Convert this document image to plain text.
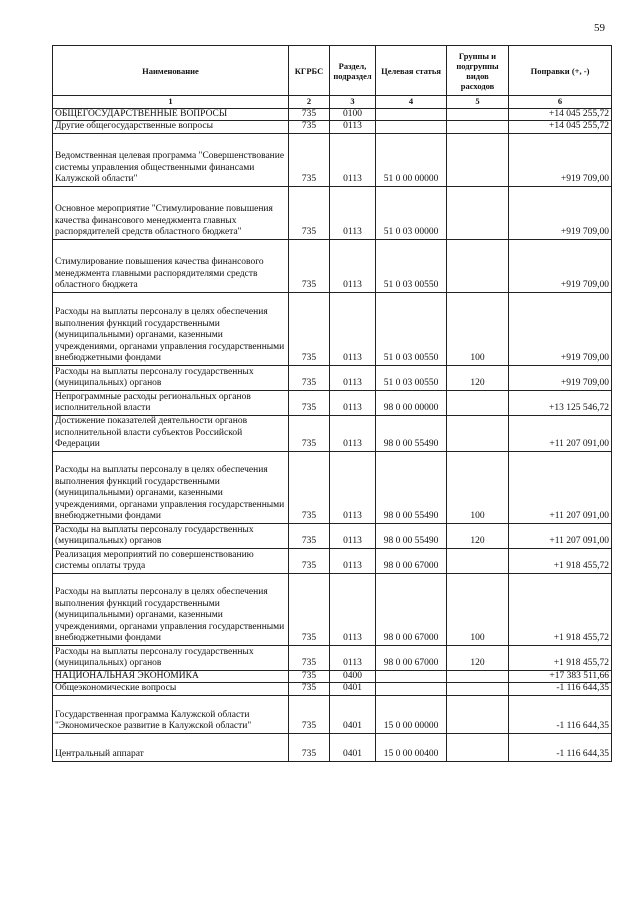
59
Наименование	КГРБС	Раздел, подраздел	Целевая статья	Группы и подгруппы видов расходов	Поправки (+, -)
1	2	3	4	5	6
ОБЩЕГОСУДАРСТВЕННЫЕ ВОПРОСЫ	735	0100			+14 045 255,72
Другие общегосударственные вопросы	735	0113			+14 045 255,72
Ведомственная целевая программа "Совершенствование системы управления общественными финансами Калужской области"	735	0113	51 0 00 00000		+919 709,00
Основное мероприятие "Стимулирование повышения качества финансового менеджмента главных распорядителей средств областного бюджета"	735	0113	51 0 03 00000		+919 709,00
Стимулирование повышения качества финансового менеджмента главными распорядителями средств областного бюджета	735	0113	51 0 03 00550		+919 709,00
Расходы на выплаты персоналу в целях обеспечения выполнения функций государственными (муниципальными) органами, казенными учреждениями, органами управления государственными внебюджетными фондами	735	0113	51 0 03 00550	100	+919 709,00
Расходы на выплаты персоналу государственных (муниципальных) органов	735	0113	51 0 03 00550	120	+919 709,00
Непрограммные расходы региональных органов исполнительной власти	735	0113	98 0 00 00000		+13 125 546,72
Достижение показателей деятельности органов исполнительной власти субъектов Российской Федерации	735	0113	98 0 00 55490		+11 207 091,00
Расходы на выплаты персоналу в целях обеспечения выполнения функций государственными (муниципальными) органами, казенными учреждениями, органами управления государственными внебюджетными фондами	735	0113	98 0 00 55490	100	+11 207 091,00
Расходы на выплаты персоналу государственных (муниципальных) органов	735	0113	98 0 00 55490	120	+11 207 091,00
Реализация мероприятий по совершенствованию системы оплаты труда	735	0113	98 0 00 67000		+1 918 455,72
Расходы на выплаты персоналу в целях обеспечения выполнения функций государственными (муниципальными) органами, казенными учреждениями, органами управления государственными внебюджетными фондами	735	0113	98 0 00 67000	100	+1 918 455,72
Расходы на выплаты персоналу государственных (муниципальных) органов	735	0113	98 0 00 67000	120	+1 918 455,72
НАЦИОНАЛЬНАЯ ЭКОНОМИКА	735	0400			+17 383 511,66
Общеэкономические вопросы	735	0401			-1 116 644,35
Государственная программа Калужской области "Экономическое развитие в Калужской области"	735	0401	15 0 00 00000		-1 116 644,35
Центральный аппарат	735	0401	15 0 00 00400		-1 116 644,35
